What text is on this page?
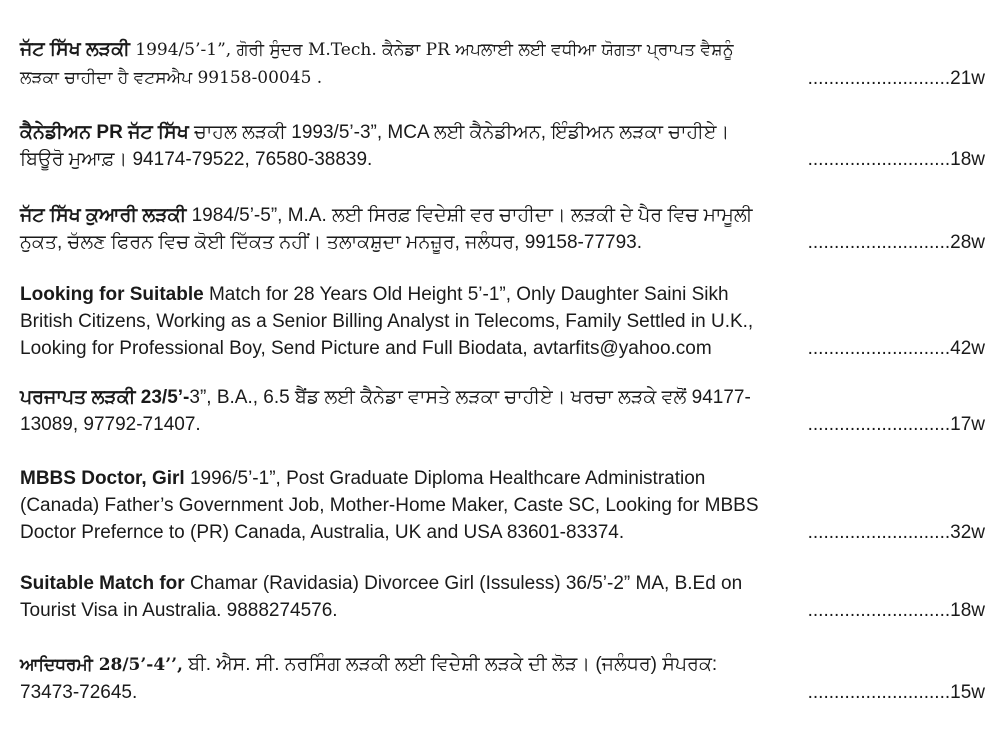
ਜੱਟ ਸਿੱਖ ਲੜਕੀ 1994/5’-1”, ਗੋਰੀ ਸੁੰਦਰ M.Tech. ਕੈਨੇਡਾ PR ਅਪਲਾਈ ਲਈ ਵਧੀਆ ਯੋਗਤਾ ਪ੍ਰਾਪਤ ਵੈਸ਼ਨੂੰ ਲੜਕਾ ਚਾਹੀਦਾ ਹੈ ਵਟਸਐਪ 99158-00045 .	...........................21w
ਕੈਨੇਡੀਅਨ PR ਜੱਟ ਸਿੱਖ ਚਾਹਲ ਲੜਕੀ 1993/5’-3”, MCA ਲਈ ਕੈਨੇਡੀਅਨ, ਇੰਡੀਅਨ ਲੜਕਾ ਚਾਹੀਏ। ਬਿਊਰੋ ਮੁਆਫ਼। 94174-79522, 76580-38839.	...........................18w
ਜੱਟ ਸਿੱਖ ਕੁਆਰੀ ਲੜਕੀ 1984/5’-5”, M.A. ਲਈ ਸਿਰਫ਼ ਵਿਦੇਸ਼ੀ ਵਰ ਚਾਹੀਦਾ। ਲੜਕੀ ਦੇ ਪੈਰ ਵਿਚ ਮਾਮੂਲੀ ਨੁਕਤ, ਚੱਲਣ ਫਿਰਨ ਵਿਚ ਕੋਈ ਦਿੱਕਤ ਨਹੀਂ। ਤਲਾਕਸ਼ੁਦਾ ਮਨਜ਼ੂਰ, ਜਲੰਧਰ, 99158-77793.	...........................28w
Looking for Suitable Match for 28 Years Old Height 5’-1”, Only Daughter Saini Sikh British Citizens, Working as a Senior Billing Analyst in Telecoms, Family Settled in U.K., Looking for Professional Boy, Send Picture and Full Biodata, avtarfits@yahoo.com	...........................42w
ਪਰਜਾਪਤ ਲੜਕੀ 23/5’-3”, B.A., 6.5 ਬੈਂਡ ਲਈ ਕੈਨੇਡਾ ਵਾਸਤੇ ਲੜਕਾ ਚਾਹੀਏ। ਖਰਚਾ ਲੜਕੇ ਵਲੋਂ 94177-13089, 97792-71407.	...........................17w
MBBS Doctor, Girl 1996/5’-1”, Post Graduate Diploma Healthcare Administration (Canada) Father’s Government Job, Mother-Home Maker, Caste SC, Looking for MBBS Doctor Prefernce to (PR) Canada, Australia, UK and USA 83601-83374.	...........................32w
Suitable Match for Chamar (Ravidasia) Divorcee Girl (Issuless) 36/5’-2” MA, B.Ed on Tourist Visa in Australia. 9888274576.	...........................18w
ਆਦਿਧਰਮੀ 28/5’-4’’, ਬੀ. ਐਸ. ਸੀ. ਨਰਸਿੰਗ ਲੜਕੀ ਲਈ ਵਿਦੇਸ਼ੀ ਲੜਕੇ ਦੀ ਲੋੜ। (ਜਲੰਧਰ) ਸੰਪਰਕ: 73473-72645.	...........................15w
